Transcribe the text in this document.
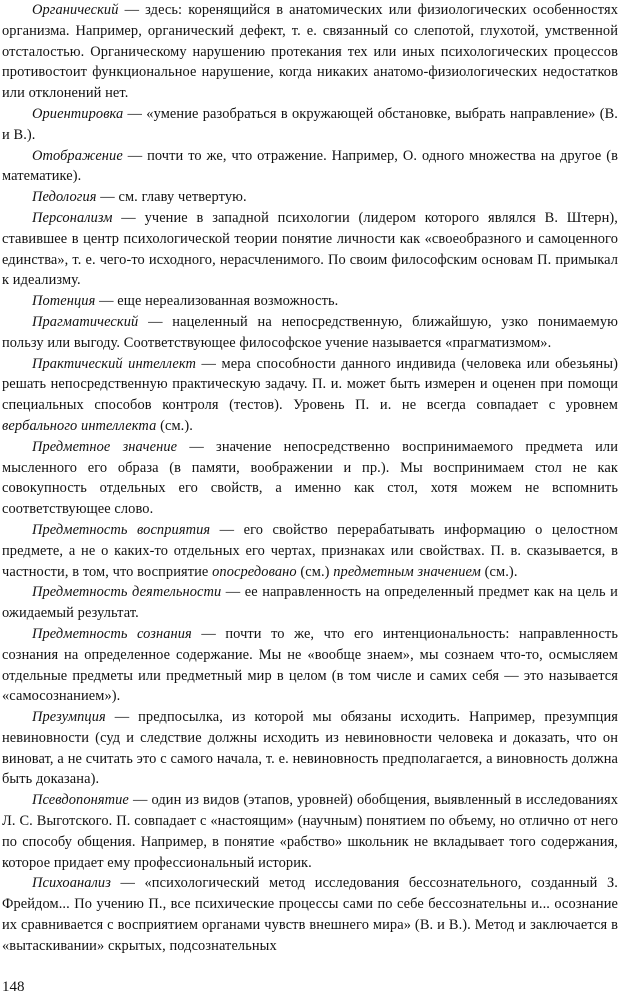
Органический — здесь: коренящийся в анатомических или физиологических особенностях организма. Например, органический дефект, т. е. связанный со слепотой, глухотой, умственной отсталостью. Органическому нарушению протекания тех или иных психологических процессов противостоит функциональное нарушение, когда никаких анатомо-физиологических недостатков или отклонений нет.

Ориентировка — «умение разобраться в окружающей обстановке, выбрать направление» (В. и В.).

Отображение — почти то же, что отражение. Например, О. одного множества на другое (в математике).

Педология — см. главу четвертую.

Персонализм — учение в западной психологии (лидером которого являлся В. Штерн), ставившее в центр психологической теории понятие личности как «своеобразного и самоценного единства», т. е. чего-то исходного, нерасчленимого. По своим философским основам П. примыкал к идеализму.

Потенция — еще нереализованная возможность.

Прагматический — нацеленный на непосредственную, ближайшую, узко понимаемую пользу или выгоду. Соответствующее философское учение называется «прагматизмом».

Практический интеллект — мера способности данного индивида (человека или обезьяны) решать непосредственную практическую задачу. П. и. может быть измерен и оценен при помощи специальных способов контроля (тестов). Уровень П. и. не всегда совпадает с уровнем вербального интеллекта (см.).

Предметное значение — значение непосредственно воспринимаемого предмета или мысленного его образа (в памяти, воображении и пр.). Мы воспринимаем стол не как совокупность отдельных его свойств, а именно как стол, хотя можем не вспомнить соответствующее слово.

Предметность восприятия — его свойство перерабатывать информацию о целостном предмете, а не о каких-то отдельных его чертах, признаках или свойствах. П. в. сказывается, в частности, в том, что восприятие опосредовано (см.) предметным значением (см.).

Предметность деятельности — ее направленность на определенный предмет как на цель и ожидаемый результат.

Предметность сознания — почти то же, что его интенциональность: направленность сознания на определенное содержание. Мы не «вообще знаем», мы сознаем что-то, осмысляем отдельные предметы или предметный мир в целом (в том числе и самих себя — это называется «самосознанием»).

Презумпция — предпосылка, из которой мы обязаны исходить. Например, презумпция невиновности (суд и следствие должны исходить из невиновности человека и доказать, что он виноват, а не считать это с самого начала, т. е. невиновность предполагается, а виновность должна быть доказана).

Псевдопонятие — один из видов (этапов, уровней) обобщения, выявленный в исследованиях Л. С. Выготского. П. совпадает с «настоящим» (научным) понятием по объему, но отлично от него по способу общения. Например, в понятие «рабство» школьник не вкладывает того содержания, которое придает ему профессиональный историк.

Психоанализ — «психологический метод исследования бессознательного, созданный З. Фрейдом... По учению П., все психические процессы сами по себе бессознательны и... осознание их сравнивается с восприятием органами чувств внешнего мира» (В. и В.). Метод и заключается в «вытаскивании» скрытых, подсознательных

148
